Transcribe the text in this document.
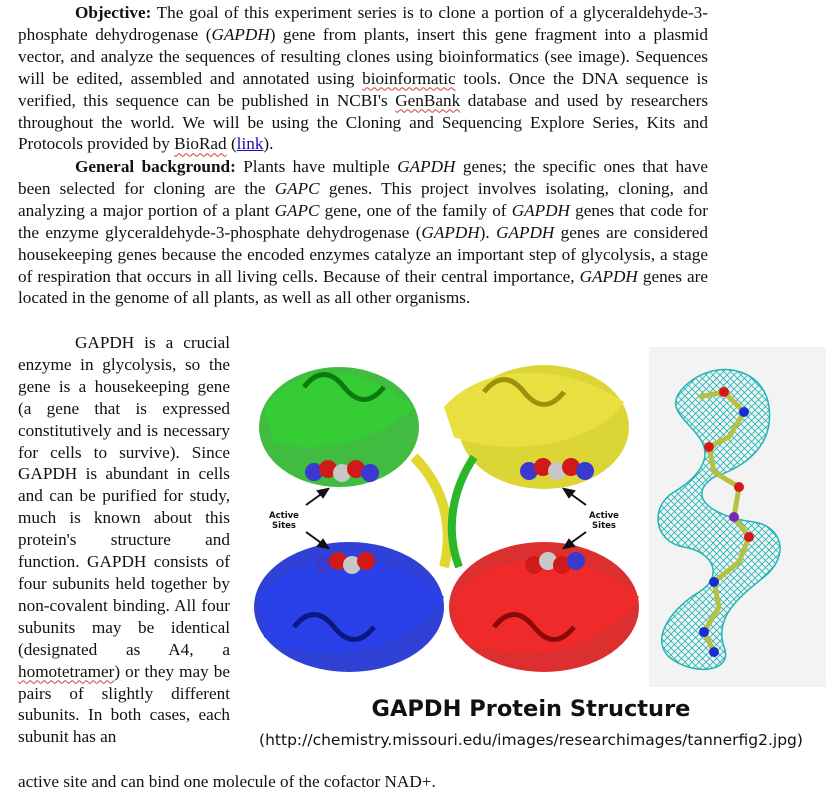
Objective: The goal of this experiment series is to clone a portion of a glyceraldehyde-3-phosphate dehydrogenase (GAPDH) gene from plants, insert this gene fragment into a plasmid vector, and analyze the sequences of resulting clones using bioinformatics (see image). Sequences will be edited, assembled and annotated using bioinformatic tools. Once the DNA sequence is verified, this sequence can be published in NCBI's GenBank database and used by researchers throughout the world. We will be using the Cloning and Sequencing Explore Series, Kits and Protocols provided by BioRad (link).

General background: Plants have multiple GAPDH genes; the specific ones that have been selected for cloning are the GAPC genes. This project involves isolating, cloning, and analyzing a major portion of a plant GAPC gene, one of the family of GAPDH genes that code for the enzyme glyceraldehyde-3-phosphate dehydrogenase (GAPDH). GAPDH genes are considered housekeeping genes because the encoded enzymes catalyze an important step of glycolysis, a stage of respiration that occurs in all living cells. Because of their central importance, GAPDH genes are located in the genome of all plants, as well as all other organisms.

GAPDH is a crucial enzyme in glycolysis, so the gene is a housekeeping gene (a gene that is expressed constitutively and is necessary for cells to survive). Since GAPDH is abundant in cells and can be purified for study, much is known about this protein's structure and function. GAPDH consists of four subunits held together by non-covalent binding. All four subunits may be identical (designated as A4, a homotetramer) or they may be pairs of slightly different subunits. In both cases, each subunit has an

active site and can bind one molecule of the cofactor NAD+.

Active
Sites
Active
Sites
GAPDH Protein Structure
(http://chemistry.missouri.edu/images/researchimages/tannerfig2.jpg)
